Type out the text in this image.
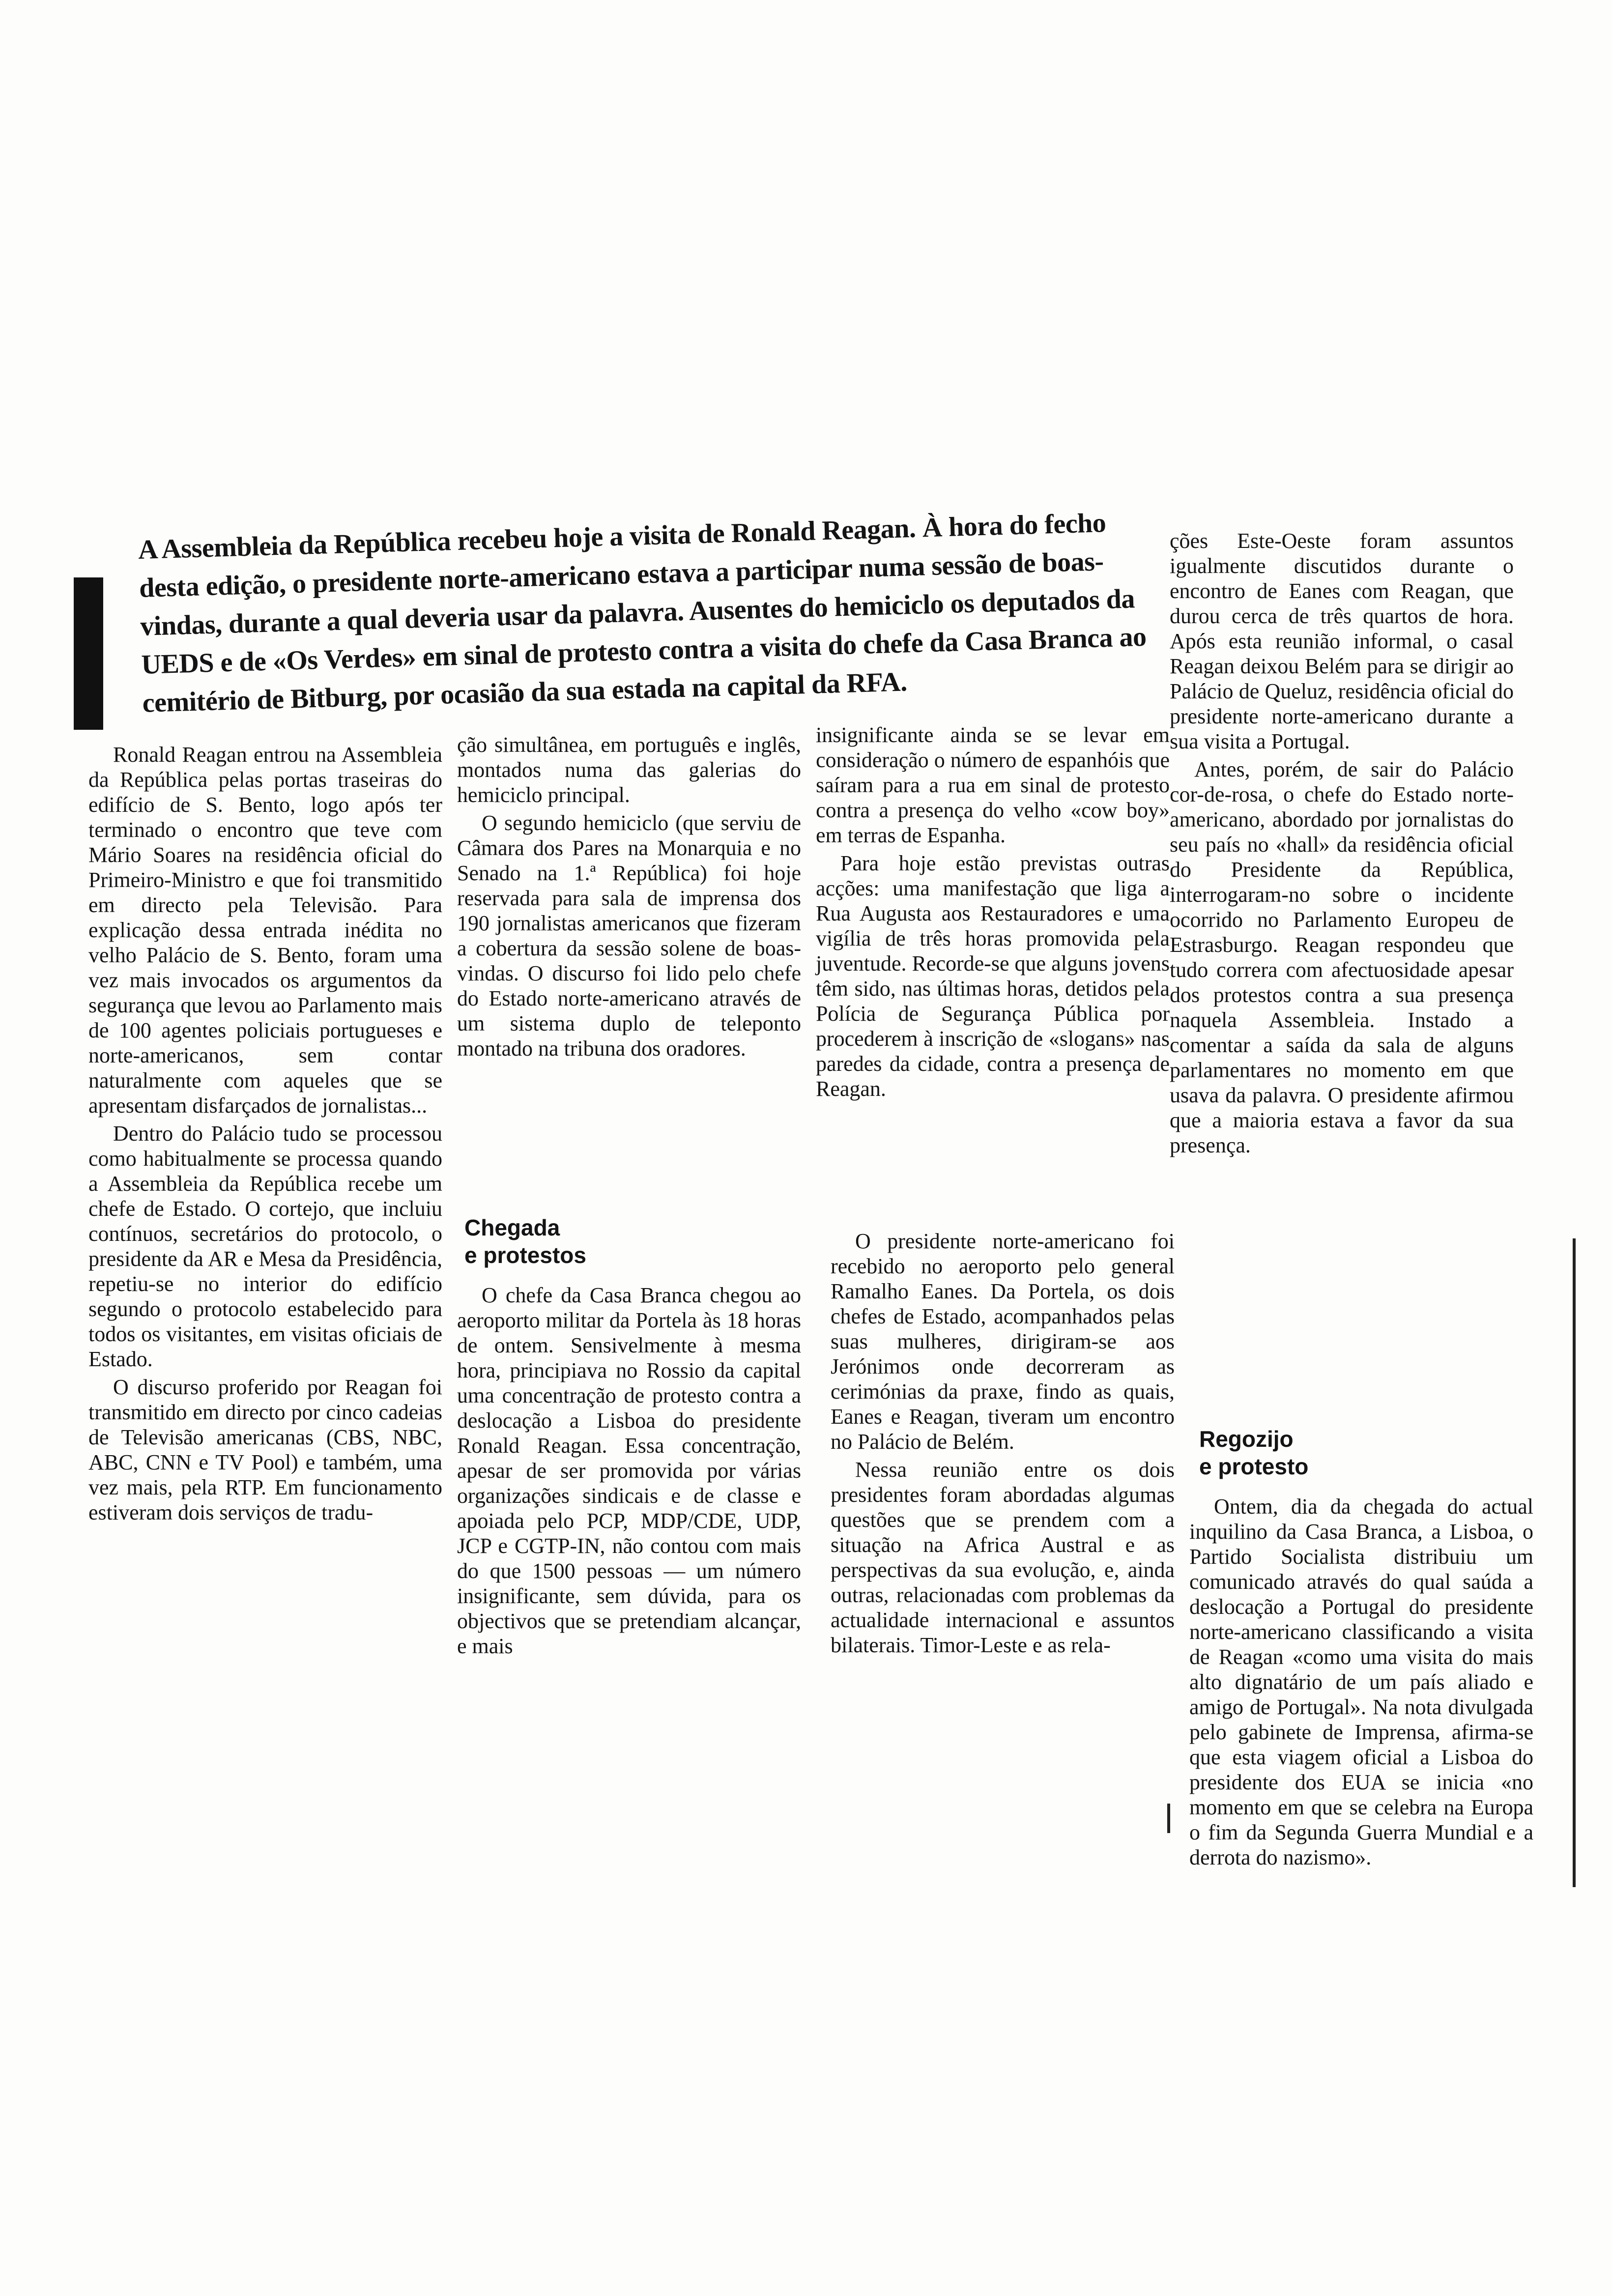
A Assembleia da República recebeu hoje a visita de Ronald Reagan. À hora do fecho desta edição, o presidente norte-americano estava a participar numa sessão de boas-vindas, durante a qual deveria usar da palavra. Ausentes do hemiciclo os deputados da UEDS e de «Os Verdes» em sinal de protesto contra a visita do chefe da Casa Branca ao cemitério de Bitburg, por ocasião da sua estada na capital da RFA.

Ronald Reagan entrou na Assembleia da República pelas portas traseiras do edifício de S. Bento, logo após ter terminado o encontro que teve com Mário Soares na residência oficial do Primeiro-Ministro e que foi transmitido em directo pela Televisão. Para explicação dessa entrada inédita no velho Palácio de S. Bento, foram uma vez mais invocados os argumentos da segurança que levou ao Parlamento mais de 100 agentes policiais portugueses e norte-americanos, sem contar naturalmente com aqueles que se apresentam disfarçados de jornalistas...

Dentro do Palácio tudo se processou como habitualmente se processa quando a Assembleia da República recebe um chefe de Estado. O cortejo, que incluiu contínuos, secretários do protocolo, o presidente da AR e Mesa da Presidência, repetiu-se no interior do edifício segundo o protocolo estabelecido para todos os visitantes, em visitas oficiais de Estado.

O discurso proferido por Reagan foi transmitido em directo por cinco cadeias de Televisão americanas (CBS, NBC, ABC, CNN e TV Pool) e também, uma vez mais, pela RTP. Em funcionamento estiveram dois serviços de tradu-

ção simultânea, em português e inglês, montados numa das galerias do hemiciclo principal.

O segundo hemiciclo (que serviu de Câmara dos Pares na Monarquia e no Senado na 1.ª República) foi hoje reservada para sala de imprensa dos 190 jornalistas americanos que fizeram a cobertura da sessão solene de boas-vindas. O discurso foi lido pelo chefe do Estado norte-americano através de um sistema duplo de teleponto montado na tribuna dos oradores.

Chegada
e protestos

O chefe da Casa Branca chegou ao aeroporto militar da Portela às 18 horas de ontem. Sensivelmente à mesma hora, principiava no Rossio da capital uma concentração de protesto contra a deslocação a Lisboa do presidente Ronald Reagan. Essa concentração, apesar de ser promovida por várias organizações sindicais e de classe e apoiada pelo PCP, MDP/CDE, UDP, JCP e CGTP-IN, não contou com mais do que 1500 pessoas — um número insignificante, sem dúvida, para os objectivos que se pretendiam alcançar, e mais

insignificante ainda se se levar em consideração o número de espanhóis que saíram para a rua em sinal de protesto contra a presença do velho «cow boy» em terras de Espanha.

Para hoje estão previstas outras acções: uma manifestação que liga a Rua Augusta aos Restauradores e uma vigília de três horas promovida pela juventude. Recorde-se que alguns jovens têm sido, nas últimas horas, detidos pela Polícia de Segurança Pública por procederem à inscrição de «slogans» nas paredes da cidade, contra a presença de Reagan.

O presidente norte-americano foi recebido no aeroporto pelo general Ramalho Eanes. Da Portela, os dois chefes de Estado, acompanhados pelas suas mulheres, dirigiram-se aos Jerónimos onde decorreram as cerimónias da praxe, findo as quais, Eanes e Reagan, tiveram um encontro no Palácio de Belém.

Nessa reunião entre os dois presidentes foram abordadas algumas questões que se prendem com a situação na Africa Austral e as perspectivas da sua evolução, e, ainda outras, relacionadas com problemas da actualidade internacional e assuntos bilaterais. Timor-Leste e as rela-

ções Este-Oeste foram assuntos igualmente discutidos durante o encontro de Eanes com Reagan, que durou cerca de três quartos de hora. Após esta reunião informal, o casal Reagan deixou Belém para se dirigir ao Palácio de Queluz, residência oficial do presidente norte-americano durante a sua visita a Portugal.

Antes, porém, de sair do Palácio cor-de-rosa, o chefe do Estado norte-americano, abordado por jornalistas do seu país no «hall» da residência oficial do Presidente da República, interrogaram-no sobre o incidente ocorrido no Parlamento Europeu de Estrasburgo. Reagan respondeu que tudo correra com afectuosidade apesar dos protestos contra a sua presença naquela Assembleia. Instado a comentar a saída da sala de alguns parlamentares no momento em que usava da palavra. O presidente afirmou que a maioria estava a favor da sua presença.

Regozijo
e protesto

Ontem, dia da chegada do actual inquilino da Casa Branca, a Lisboa, o Partido Socialista distribuiu um comunicado através do qual saúda a deslocação a Portugal do presidente norte-americano classificando a visita de Reagan «como uma visita do mais alto dignatário de um país aliado e amigo de Portugal». Na nota divulgada pelo gabinete de Imprensa, afirma-se que esta viagem oficial a Lisboa do presidente dos EUA se inicia «no momento em que se celebra na Europa o fim da Segunda Guerra Mundial e a derrota do nazismo».
